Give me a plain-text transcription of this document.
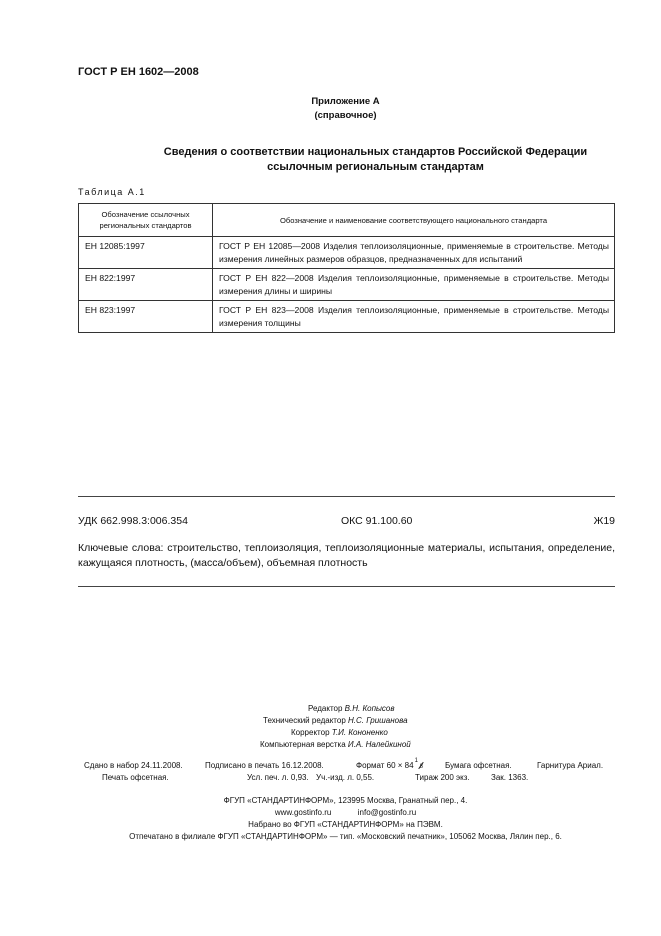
ГОСТ Р ЕН 1602—2008
Приложение А
(справочное)
Сведения о соответствии национальных стандартов Российской Федерации
ссылочным региональным стандартам
Таблица А.1
Обозначение ссылочных региональных стандартов	Обозначение и наименование соответствующего национального стандарта
ЕН 12085:1997	ГОСТ Р ЕН 12085—2008 Изделия теплоизоляционные, применяемые в строительстве. Методы измерения линейных размеров образцов, предназначенных для испытаний
ЕН 822:1997	ГОСТ Р ЕН 822—2008 Изделия теплоизоляционные, применяемые в строительстве. Методы измерения длины и ширины
ЕН 823:1997	ГОСТ Р ЕН 823—2008 Изделия теплоизоляционные, применяемые в строительстве. Методы измерения толщины
УДК 662.998.3:006.354	ОКС 91.100.60	Ж19
Ключевые слова: строительство, теплоизоляция, теплоизоляционные материалы, испытания, определение, кажущаяся плотность, (масса/объем), объемная плотность
Редактор В.Н. Копысов
Технический редактор Н.С. Гришанова
Корректор Т.И. Кононенко
Компьютерная верстка И.А. Налейкиной
Сдано в набор 24.11.2008.	Подписано в печать 16.12.2008.	Формат 60 × 84 1
8	Бумага офсетная.	Гарнитура Ариал.
Печать офсетная.	Усл. печ. л. 0,93. Уч.-изд. л. 0,55.	Тираж 200 экз.	Зак. 1363.
ФГУП «СТАНДАРТИНФОРМ», 123995 Москва, Гранатный пер., 4.
www.gostinfo.ru	info@gostinfo.ru
Набрано во ФГУП «СТАНДАРТИНФОРМ» на ПЭВМ.
Отпечатано в филиале ФГУП «СТАНДАРТИНФОРМ» — тип. «Московский печатник», 105062 Москва, Лялин пер., 6.
